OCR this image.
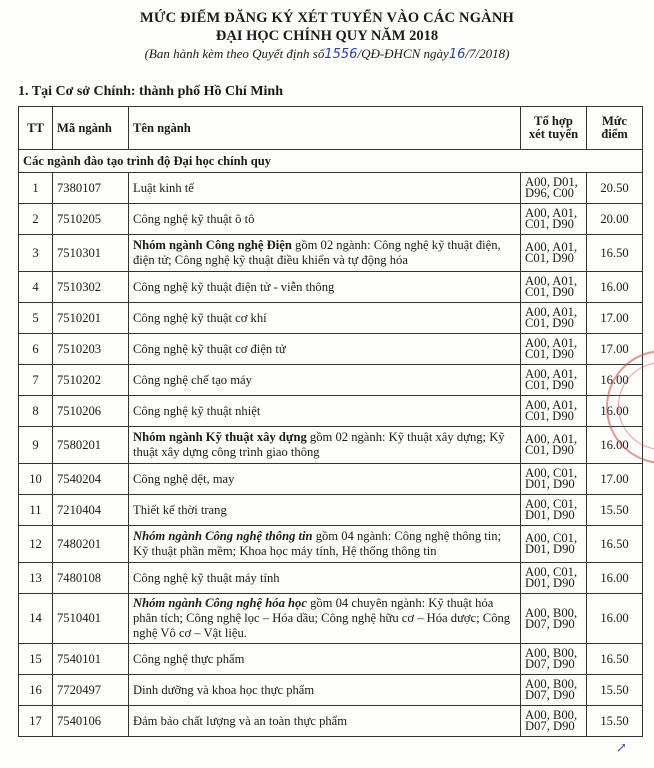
MỨC ĐIỂM ĐĂNG KÝ XÉT TUYỂN VÀO CÁC NGÀNH
ĐẠI HỌC CHÍNH QUY NĂM 2018
(Ban hành kèm theo Quyết định số1556/QĐ-ĐHCN ngày16/7/2018)
1. Tại Cơ sở Chính: thành phố Hồ Chí Minh
TT	Mã ngành	Tên ngành	Tổ hợp xét tuyển	Mức điểm
Các ngành đào tạo trình độ Đại học chính quy				
1	7380107	Luật kinh tế	A00, D01, D96, C00	20.50
2	7510205	Công nghệ kỹ thuật ô tô	A00, A01, C01, D90	20.00
3	7510301	Nhóm ngành Công nghệ Điện gồm 02 ngành: Công nghệ kỹ thuật điện, điện tử; Công nghệ kỹ thuật điều khiển và tự động hóa	A00, A01, C01, D90	16.50
4	7510302	Công nghệ kỹ thuật điện tử - viễn thông	A00, A01, C01, D90	16.00
5	7510201	Công nghệ kỹ thuật cơ khí	A00, A01, C01, D90	17.00
6	7510203	Công nghệ kỹ thuật cơ điện tử	A00, A01, C01, D90	17.00
7	7510202	Công nghệ chế tạo máy	A00, A01, C01, D90	16.00
8	7510206	Công nghệ kỹ thuật nhiệt	A00, A01, C01, D90	16.00
9	7580201	Nhóm ngành Kỹ thuật xây dựng gồm 02 ngành: Kỹ thuật xây dựng; Kỹ thuật xây dựng công trình giao thông	A00, A01, C01, D90	16.00
10	7540204	Công nghệ dệt, may	A00, C01, D01, D90	17.00
11	7210404	Thiết kế thời trang	A00, C01, D01, D90	15.50
12	7480201	Nhóm ngành Công nghệ thông tin gồm 04 ngành: Công nghệ thông tin; Kỹ thuật phần mềm; Khoa học máy tính, Hệ thống thông tin	A00, C01, D01, D90	16.50
13	7480108	Công nghệ kỹ thuật máy tính	A00, C01, D01, D90	16.00
14	7510401	Nhóm ngành Công nghệ hóa học gồm 04 chuyên ngành: Kỹ thuật hóa phân tích; Công nghệ lọc – Hóa dầu; Công nghệ hữu cơ – Hóa dược; Công nghệ Vô cơ – Vật liệu.	A00, B00, D07, D90	16.00
15	7540101	Công nghệ thực phẩm	A00, B00, D07, D90	16.50
16	7720497	Dinh dưỡng và khoa học thực phẩm	A00, B00, D07, D90	15.50
17	7540106	Đảm bảo chất lượng và an toàn thực phẩm	A00, B00, D07, D90	15.50
↗
